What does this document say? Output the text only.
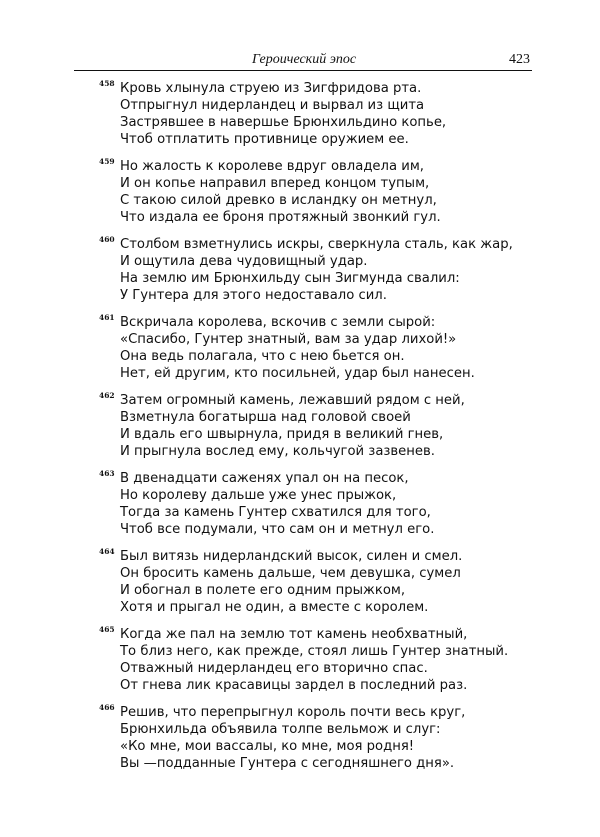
Героический эпос	423
458 Кровь хлынула струею из Зигфридова рта.
Отпрыгнул нидерландец и вырвал из щита
Застрявшее в навершье Брюнхильдино копье,
Чтоб отплатить противнице оружием ее.
459 Но жалость к королеве вдруг овладела им,
И он копье направил вперед концом тупым,
С такою силой древко в исландку он метнул,
Что издала ее броня протяжный звонкий гул.
460 Столбом взметнулись искры, сверкнула сталь, как жар,
И ощутила дева чудовищный удар.
На землю им Брюнхильду сын Зигмунда свалил:
У Гунтера для этого недоставало сил.
461 Вскричала королева, вскочив с земли сырой:
«Спасибо, Гунтер знатный, вам за удар лихой!»
Она ведь полагала, что с нею бьется он.
Нет, ей другим, кто посильней, удар был нанесен.
462 Затем огромный камень, лежавший рядом с ней,
Взметнула богатырша над головой своей
И вдаль его швырнула, придя в великий гнев,
И прыгнула вослед ему, кольчугой зазвенев.
463 В двенадцати саженях упал он на песок,
Но королеву дальше уже унес прыжок,
Тогда за камень Гунтер схватился для того,
Чтоб все подумали, что сам он и метнул его.
464 Был витязь нидерландский высок, силен и смел.
Он бросить камень дальше, чем девушка, сумел
И обогнал в полете его одним прыжком,
Хотя и прыгал не один, а вместе с королем.
465 Когда же пал на землю тот камень необхватный,
То близ него, как прежде, стоял лишь Гунтер знатный.
Отважный нидерландец его вторично спас.
От гнева лик красавицы зардел в последний раз.
466 Решив, что перепрыгнул король почти весь круг,
Брюнхильда объявила толпе вельмож и слуг:
«Ко мне, мои вассалы, ко мне, моя родня!
Вы —подданные Гунтера с сегодняшнего дня».
